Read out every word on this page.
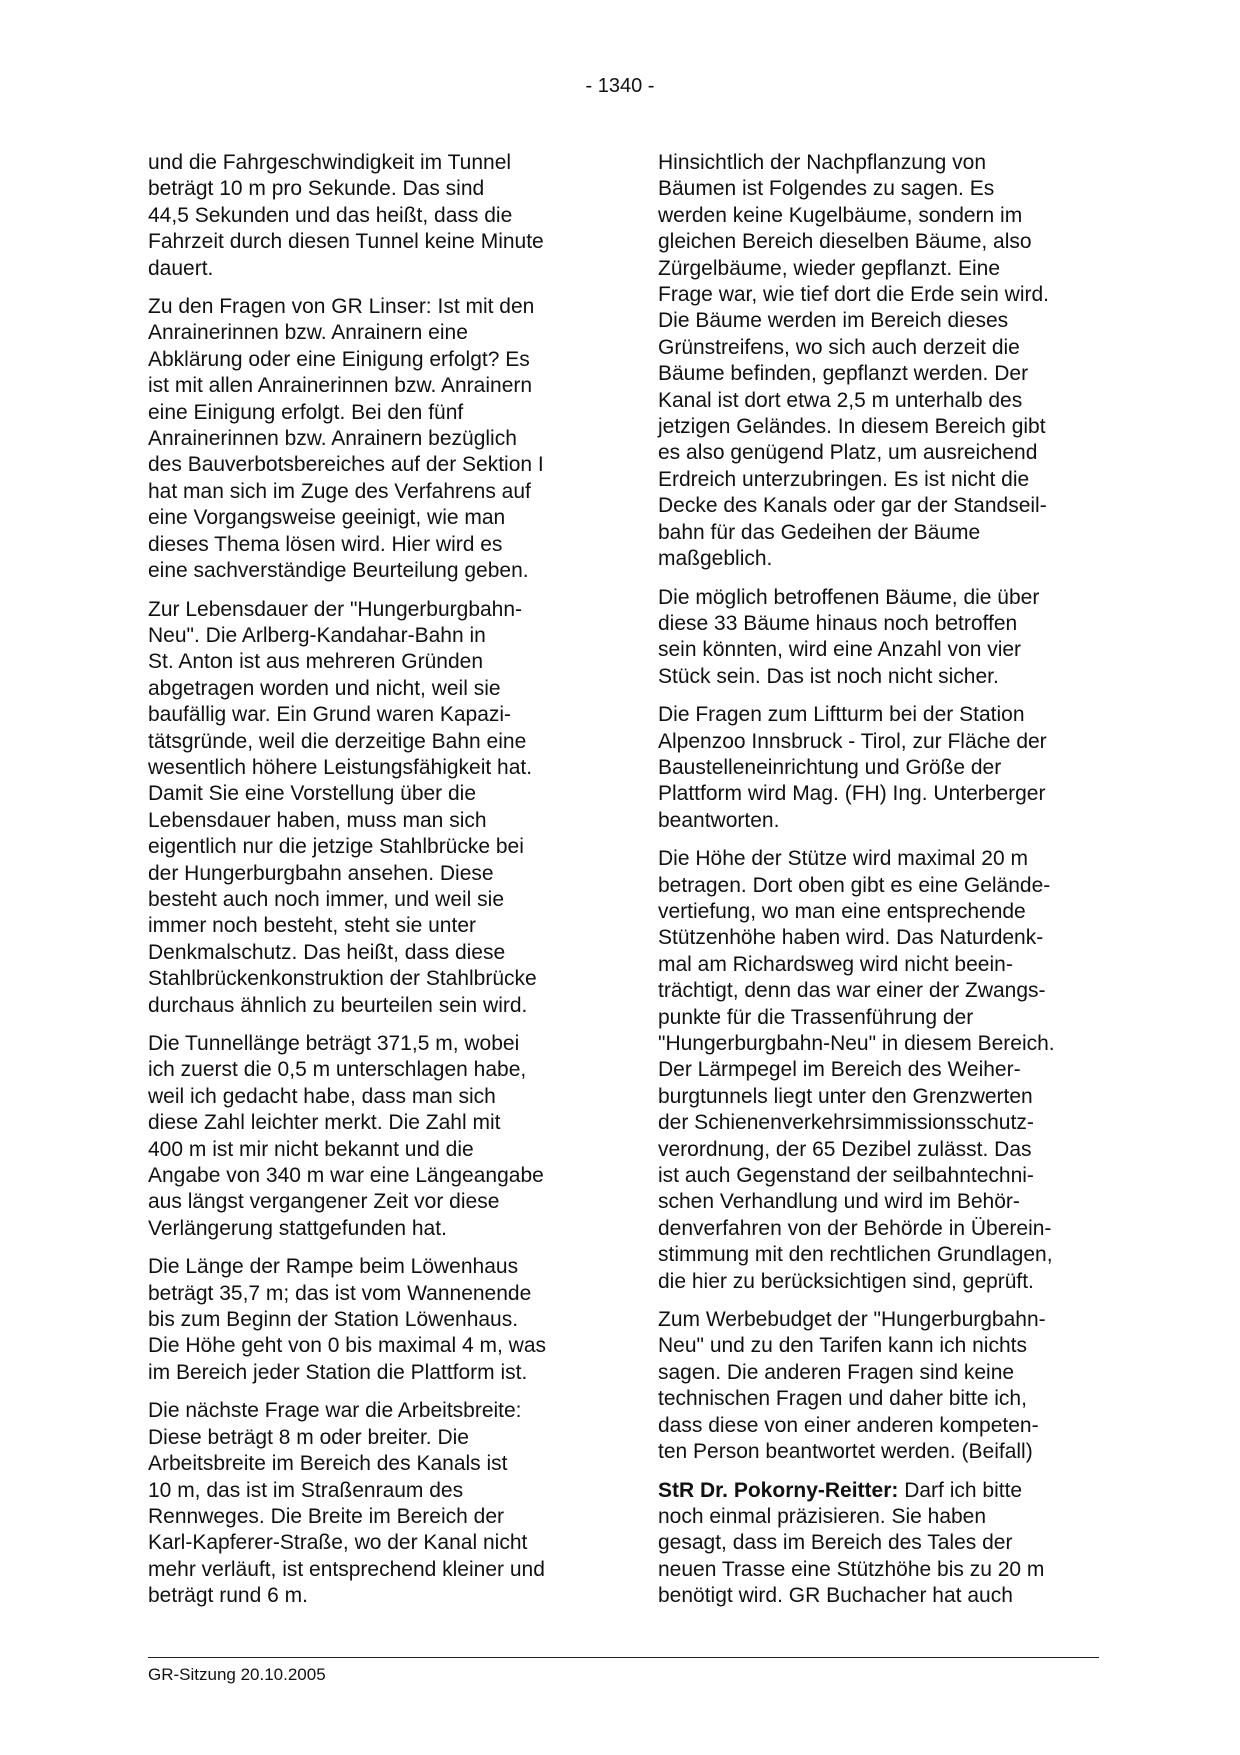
- 1340 -

und die Fahrgeschwindigkeit im Tunnel
beträgt 10 m pro Sekunde. Das sind
44,5 Sekunden und das heißt, dass die
Fahrzeit durch diesen Tunnel keine Minute
dauert.

Zu den Fragen von GR Linser: Ist mit den
Anrainerinnen bzw. Anrainern eine
Abklärung oder eine Einigung erfolgt? Es
ist mit allen Anrainerinnen bzw. Anrainern
eine Einigung erfolgt. Bei den fünf
Anrainerinnen bzw. Anrainern bezüglich
des Bauverbotsbereiches auf der Sektion I
hat man sich im Zuge des Verfahrens auf
eine Vorgangsweise geeinigt, wie man
dieses Thema lösen wird. Hier wird es
eine sachverständige Beurteilung geben.

Zur Lebensdauer der "Hungerburgbahn-
Neu". Die Arlberg-Kandahar-Bahn in
St. Anton ist aus mehreren Gründen
abgetragen worden und nicht, weil sie
baufällig war. Ein Grund waren Kapazi-
tätsgründe, weil die derzeitige Bahn eine
wesentlich höhere Leistungsfähigkeit hat.
Damit Sie eine Vorstellung über die
Lebensdauer haben, muss man sich
eigentlich nur die jetzige Stahlbrücke bei
der Hungerburgbahn ansehen. Diese
besteht auch noch immer, und weil sie
immer noch besteht, steht sie unter
Denkmalschutz. Das heißt, dass diese
Stahlbrückenkonstruktion der Stahlbrücke
durchaus ähnlich zu beurteilen sein wird.

Die Tunnellänge beträgt 371,5 m, wobei
ich zuerst die 0,5 m unterschlagen habe,
weil ich gedacht habe, dass man sich
diese Zahl leichter merkt. Die Zahl mit
400 m ist mir nicht bekannt und die
Angabe von 340 m war eine Längeangabe
aus längst vergangener Zeit vor diese
Verlängerung stattgefunden hat.

Die Länge der Rampe beim Löwenhaus
beträgt 35,7 m; das ist vom Wannenende
bis zum Beginn der Station Löwenhaus.
Die Höhe geht von 0 bis maximal 4 m, was
im Bereich jeder Station die Plattform ist.

Die nächste Frage war die Arbeitsbreite:
Diese beträgt 8 m oder breiter. Die
Arbeitsbreite im Bereich des Kanals ist
10 m, das ist im Straßenraum des
Rennweges. Die Breite im Bereich der
Karl-Kapferer-Straße, wo der Kanal nicht
mehr verläuft, ist entsprechend kleiner und
beträgt rund 6 m.

Hinsichtlich der Nachpflanzung von
Bäumen ist Folgendes zu sagen. Es
werden keine Kugelbäume, sondern im
gleichen Bereich dieselben Bäume, also
Zürgelbäume, wieder gepflanzt. Eine
Frage war, wie tief dort die Erde sein wird.
Die Bäume werden im Bereich dieses
Grünstreifens, wo sich auch derzeit die
Bäume befinden, gepflanzt werden. Der
Kanal ist dort etwa 2,5 m unterhalb des
jetzigen Geländes. In diesem Bereich gibt
es also genügend Platz, um ausreichend
Erdreich unterzubringen. Es ist nicht die
Decke des Kanals oder gar der Standseil-
bahn für das Gedeihen der Bäume
maßgeblich.

Die möglich betroffenen Bäume, die über
diese 33 Bäume hinaus noch betroffen
sein könnten, wird eine Anzahl von vier
Stück sein. Das ist noch nicht sicher.

Die Fragen zum Liftturm bei der Station
Alpenzoo Innsbruck - Tirol, zur Fläche der
Baustelleneinrichtung und Größe der
Plattform wird Mag. (FH) Ing. Unterberger
beantworten.

Die Höhe der Stütze wird maximal 20 m
betragen. Dort oben gibt es eine Gelände-
vertiefung, wo man eine entsprechende
Stützenhöhe haben wird. Das Naturdenk-
mal am Richardsweg wird nicht beein-
trächtigt, denn das war einer der Zwangs-
punkte für die Trassenführung der
"Hungerburgbahn-Neu" in diesem Bereich.
Der Lärmpegel im Bereich des Weiher-
burgtunnels liegt unter den Grenzwerten
der Schienenverkehrsimmissionsschutz-
verordnung, der 65 Dezibel zulässt. Das
ist auch Gegenstand der seilbahntechni-
schen Verhandlung und wird im Behör-
denverfahren von der Behörde in Überein-
stimmung mit den rechtlichen Grundlagen,
die hier zu berücksichtigen sind, geprüft.

Zum Werbebudget der "Hungerburgbahn-
Neu" und zu den Tarifen kann ich nichts
sagen. Die anderen Fragen sind keine
technischen Fragen und daher bitte ich,
dass diese von einer anderen kompeten-
ten Person beantwortet werden. (Beifall)

StR Dr. Pokorny-Reitter: Darf ich bitte
noch einmal präzisieren. Sie haben
gesagt, dass im Bereich des Tales der
neuen Trasse eine Stützhöhe bis zu 20 m
benötigt wird. GR Buchacher hat auch

GR-Sitzung 20.10.2005
